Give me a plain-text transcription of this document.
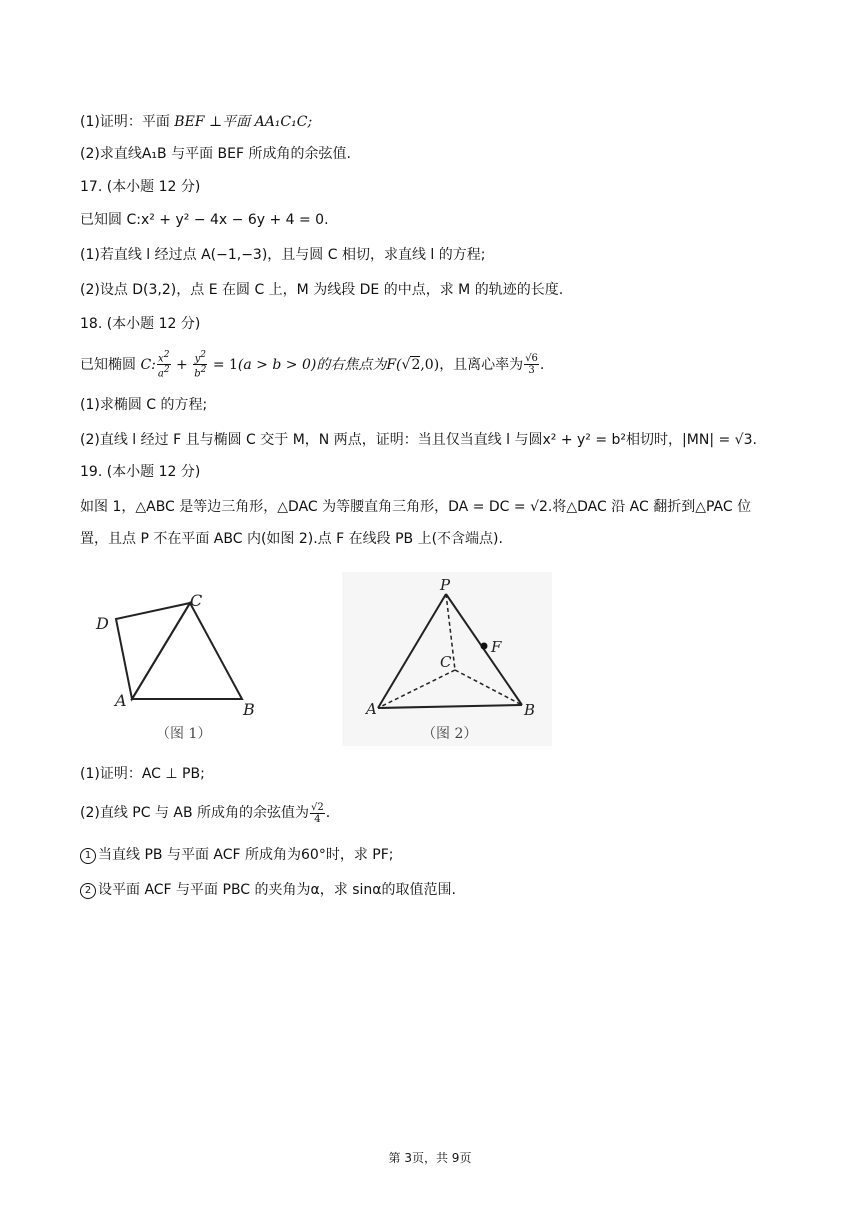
(1)证明：平面 BEF ⊥平面 AA₁C₁C;
(2)求直线A₁B 与平面 BEF 所成角的余弦值.
17. (本小题 12 分)
已知圆 C:x² + y² − 4x − 6y + 4 = 0.
(1)若直线 l 经过点 A(−1,−3)，且与圆 C 相切，求直线 l 的方程;
(2)设点 D(3,2)，点 E 在圆 C 上，M 为线段 DE 的中点，求 M 的轨迹的长度.
18. (本小题 12 分)
已知椭圆 C: $\frac{x^2}{a^2} + \frac{y^2}{b^2} = 1(a > b > 0)$的右焦点为F(√2,0)，且离心率为 $\frac{√6}{3}$ .
(1)求椭圆 C 的方程;
(2)直线 l 经过 F 且与椭圆 C 交于 M，N 两点，证明：当且仅当直线 l 与圆x² + y² = b²相切时，|MN| = √3.
19. (本小题 12 分)
如图 1，△ABC 是等边三角形，△DAC 为等腰直角三角形，DA = DC = √2.将△DAC 沿 AC 翻折到△PAC 位
置，且点 P 不在平面 ABC 内(如图 2).点 F 在线段 PB 上(不含端点).
D
C
A	B
（图 1）
P
F
C
A	B
（图 2）
(1)证明：AC ⊥ PB;
(2)直线 PC 与 AB 所成角的余弦值为 $\frac{√2}{4}$ .
1 当直线 PB 与平面 ACF 所成角为60°时，求 PF;
2 设平面 ACF 与平面 PBC 的夹角为α，求 sinα的取值范围.
第 3页，共 9页
